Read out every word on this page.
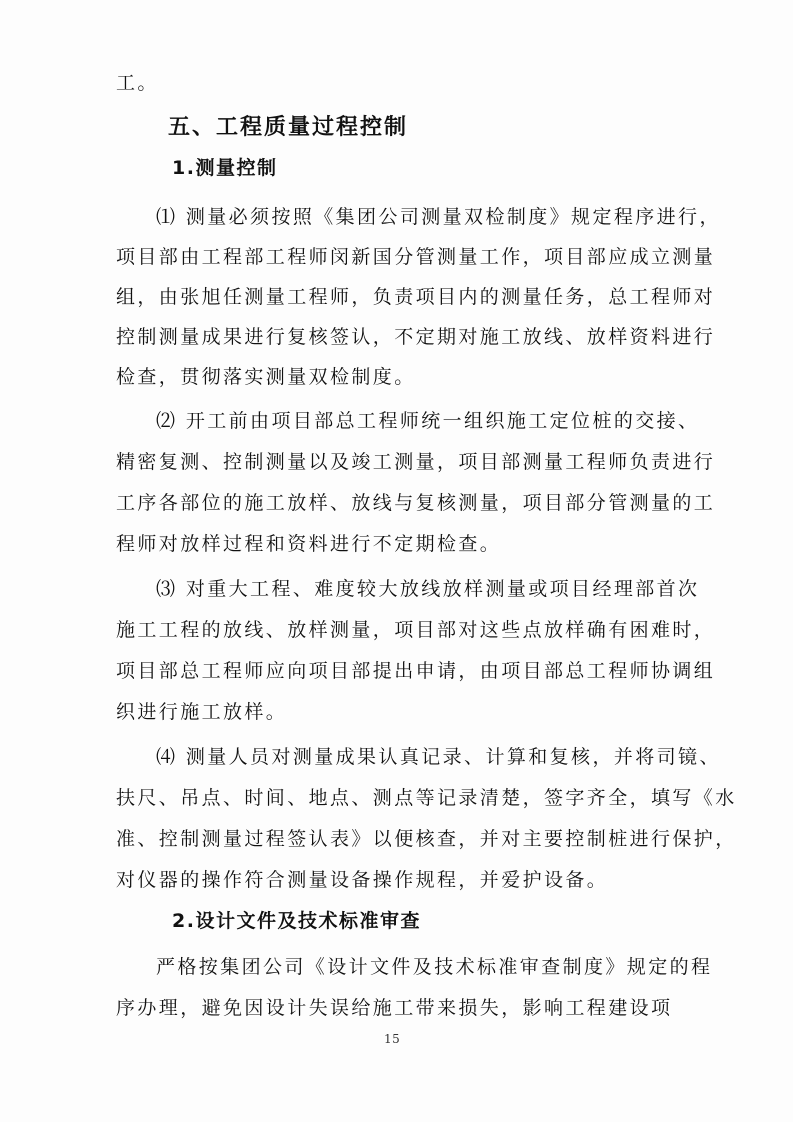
工。
五、工程质量过程控制
1.测量控制
⑴ 测量必须按照《集团公司测量双检制度》规定程序进行，
项目部由工程部工程师闵新国分管测量工作，项目部应成立测量
组，由张旭任测量工程师，负责项目内的测量任务，总工程师对
控制测量成果进行复核签认，不定期对施工放线、放样资料进行
检查，贯彻落实测量双检制度。
⑵ 开工前由项目部总工程师统一组织施工定位桩的交接、
精密复测、控制测量以及竣工测量，项目部测量工程师负责进行
工序各部位的施工放样、放线与复核测量，项目部分管测量的工
程师对放样过程和资料进行不定期检查。
⑶ 对重大工程、难度较大放线放样测量或项目经理部首次
施工工程的放线、放样测量，项目部对这些点放样确有困难时，
项目部总工程师应向项目部提出申请，由项目部总工程师协调组
织进行施工放样。
⑷ 测量人员对测量成果认真记录、计算和复核，并将司镜、
扶尺、吊点、时间、地点、测点等记录清楚，签字齐全，填写《水
准、控制测量过程签认表》以便核查，并对主要控制桩进行保护，
对仪器的操作符合测量设备操作规程，并爱护设备。
2.设计文件及技术标准审查
严格按集团公司《设计文件及技术标准审查制度》规定的程
序办理，避免因设计失误给施工带来损失，影响工程建设项
15
